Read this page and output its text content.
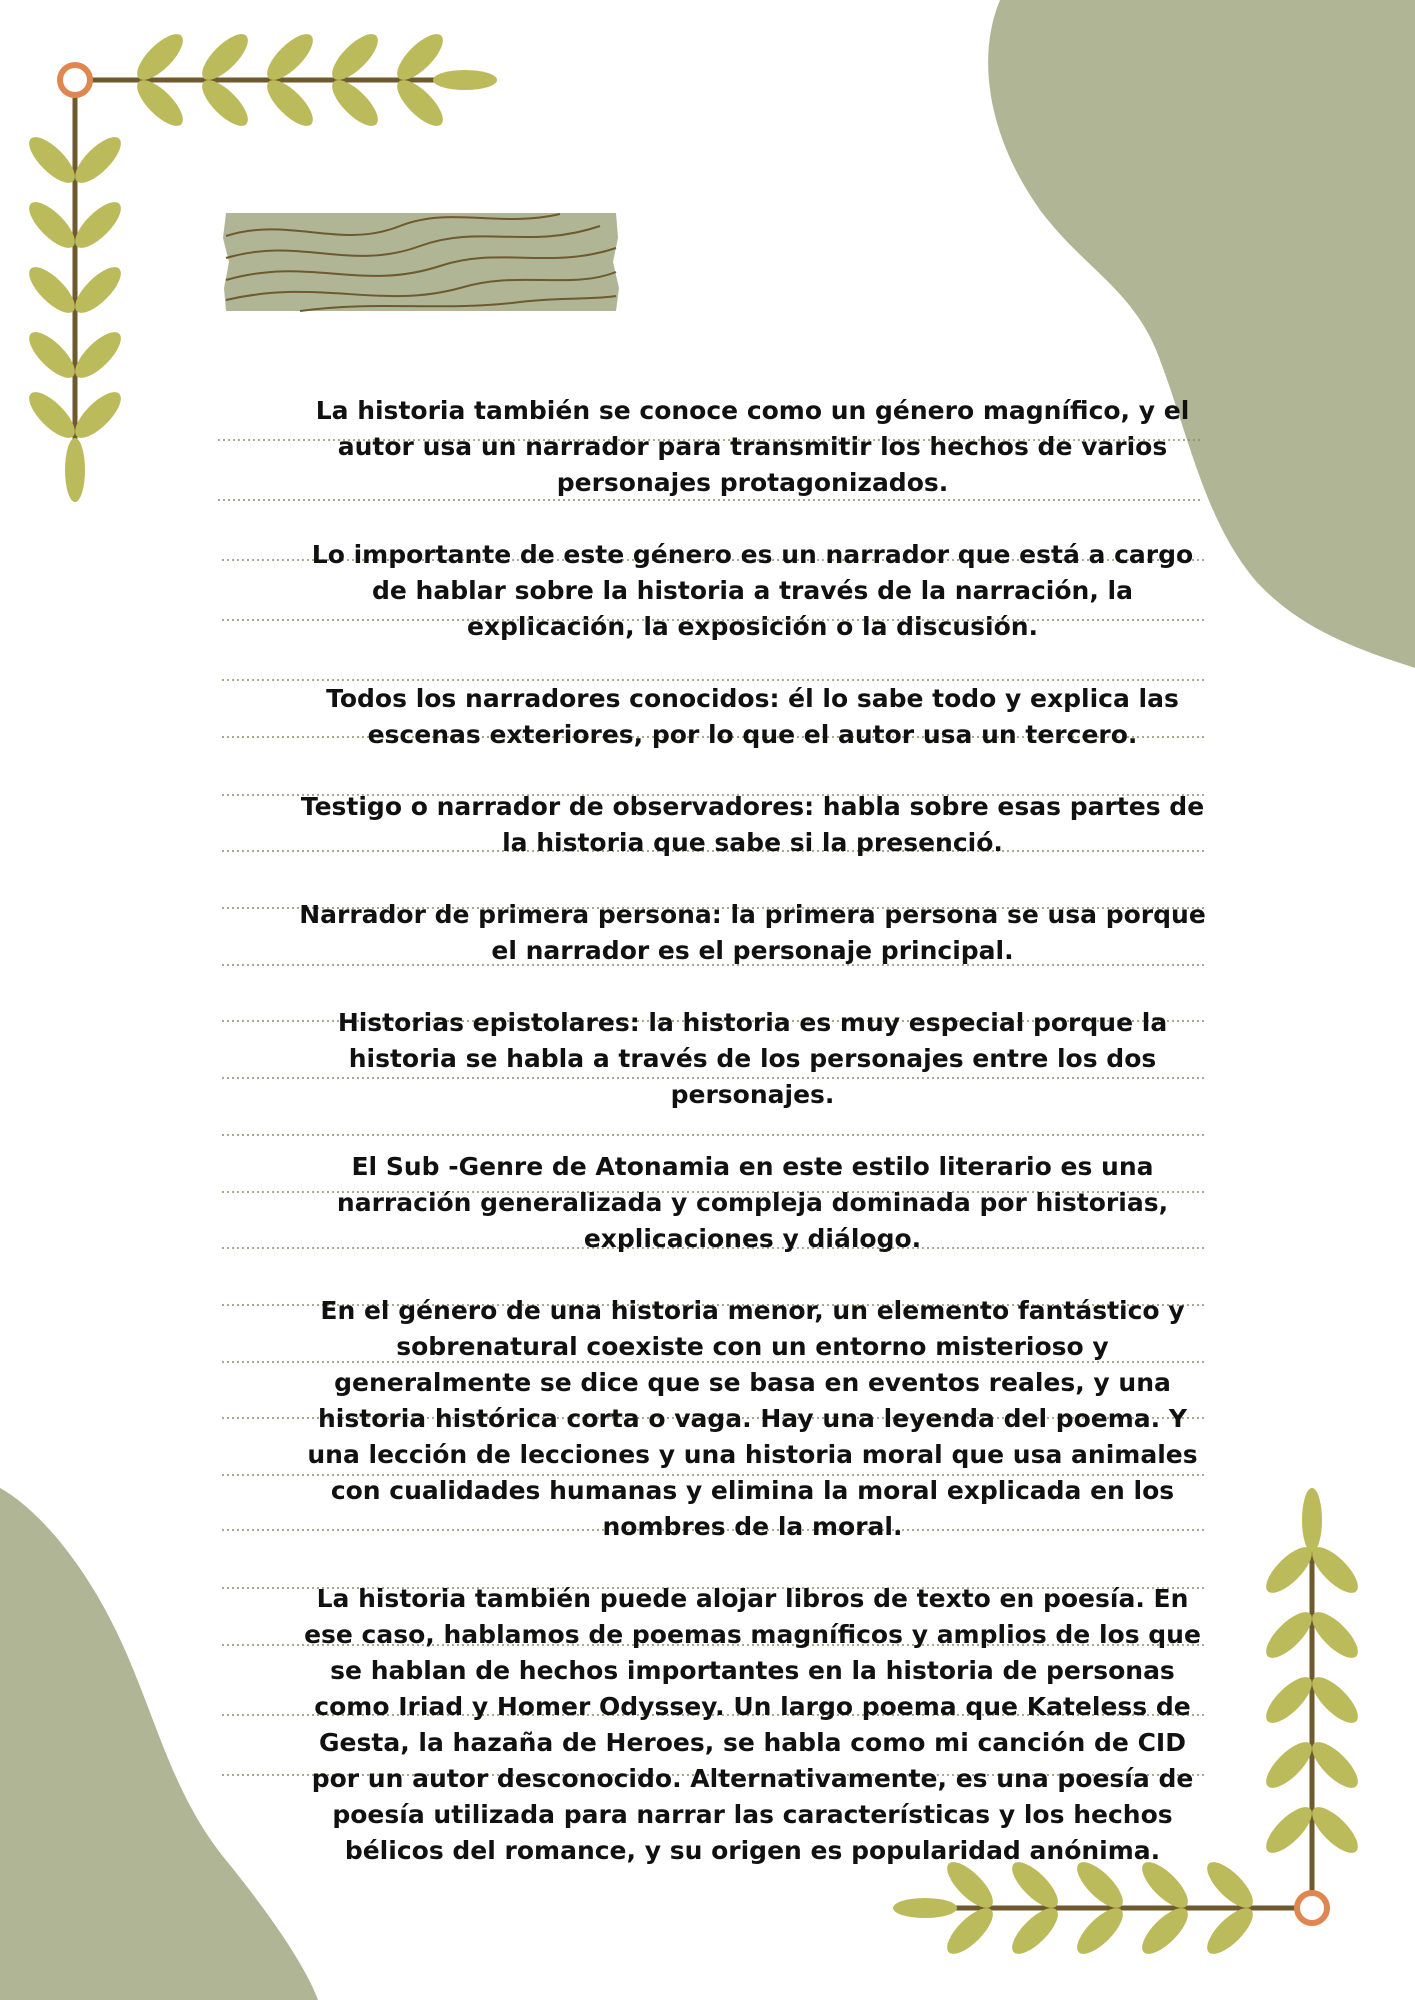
La historia también se conoce como un género magnífico, y el autor usa un narrador para transmitir los hechos de varios personajes protagonizados.

Lo importante de este género es un narrador que está a cargo de hablar sobre la historia a través de la narración, la explicación, la exposición o la discusión.

Todos los narradores conocidos: él lo sabe todo y explica las escenas exteriores, por lo que el autor usa un tercero.

Testigo o narrador de observadores: habla sobre esas partes de la historia que sabe si la presenció.

Narrador de primera persona: la primera persona se usa porque el narrador es el personaje principal.

Historias epistolares: la historia es muy especial porque la historia se habla a través de los personajes entre los dos personajes.

El Sub -Genre de Atonamia en este estilo literario es una narración generalizada y compleja dominada por historias, explicaciones y diálogo.

En el género de una historia menor, un elemento fantástico y sobrenatural coexiste con un entorno misterioso y generalmente se dice que se basa en eventos reales, y una historia histórica corta o vaga. Hay una leyenda del poema. Y una lección de lecciones y una historia moral que usa animales con cualidades humanas y elimina la moral explicada en los nombres de la moral.

La historia también puede alojar libros de texto en poesía. En ese caso, hablamos de poemas magníficos y amplios de los que se hablan de hechos importantes en la historia de personas como Iriad y Homer Odyssey. Un largo poema que Kateless de Gesta, la hazaña de Heroes, se habla como mi canción de CID por un autor desconocido. Alternativamente, es una poesía de poesía utilizada para narrar las características y los hechos bélicos del romance, y su origen es popularidad anónima.
